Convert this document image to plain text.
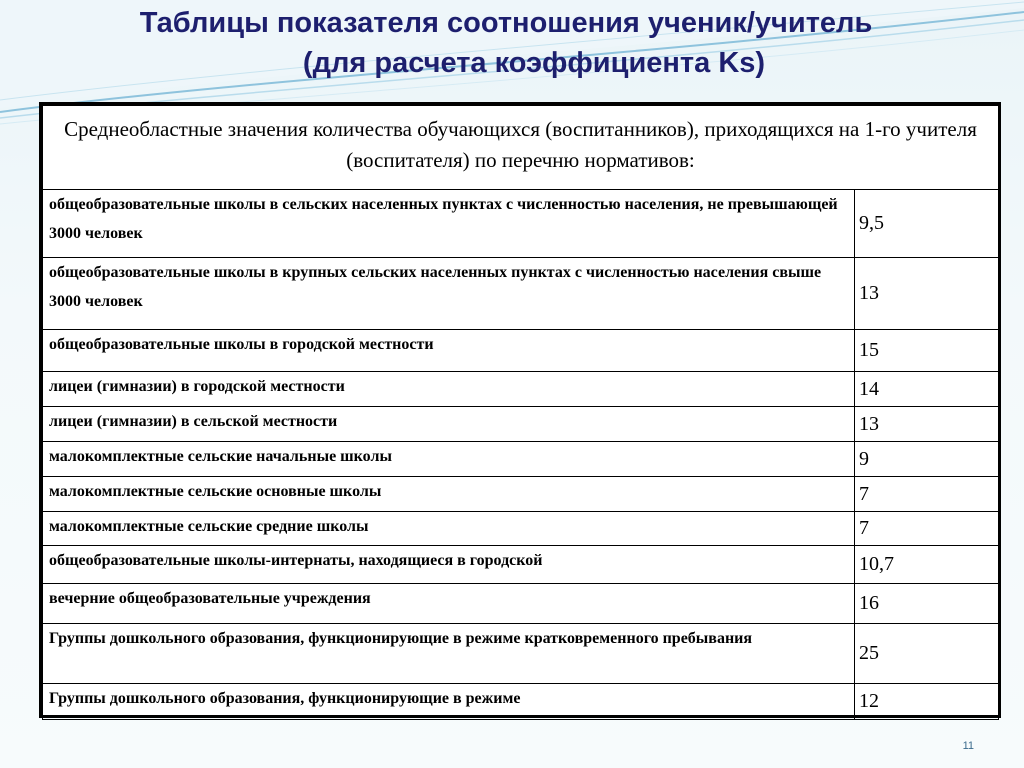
Таблицы показателя соотношения ученик/учитель
(для расчета коэффициента Ks)
Среднеобластные значения количества обучающихся (воспитанников), приходящихся на 1-го учителя (воспитателя) по перечню нормативов:	
общеобразовательные школы в сельских населенных пунктах с численностью населения, не превышающей 3000 человек	9,5
общеобразовательные школы в крупных сельских населенных пунктах с численностью населения свыше 3000 человек	13
общеобразовательные школы в городской местности	15
лицеи (гимназии) в городской местности	14
лицеи (гимназии) в сельской местности	13
малокомплектные сельские начальные школы	9
малокомплектные сельские основные школы	7
малокомплектные сельские средние школы	7
общеобразовательные школы-интернаты, находящиеся в городской	10,7
вечерние общеобразовательные учреждения	16
Группы дошкольного образования, функционирующие в режиме кратковременного пребывания	25
Группы дошкольного образования, функционирующие в режиме	12
11
